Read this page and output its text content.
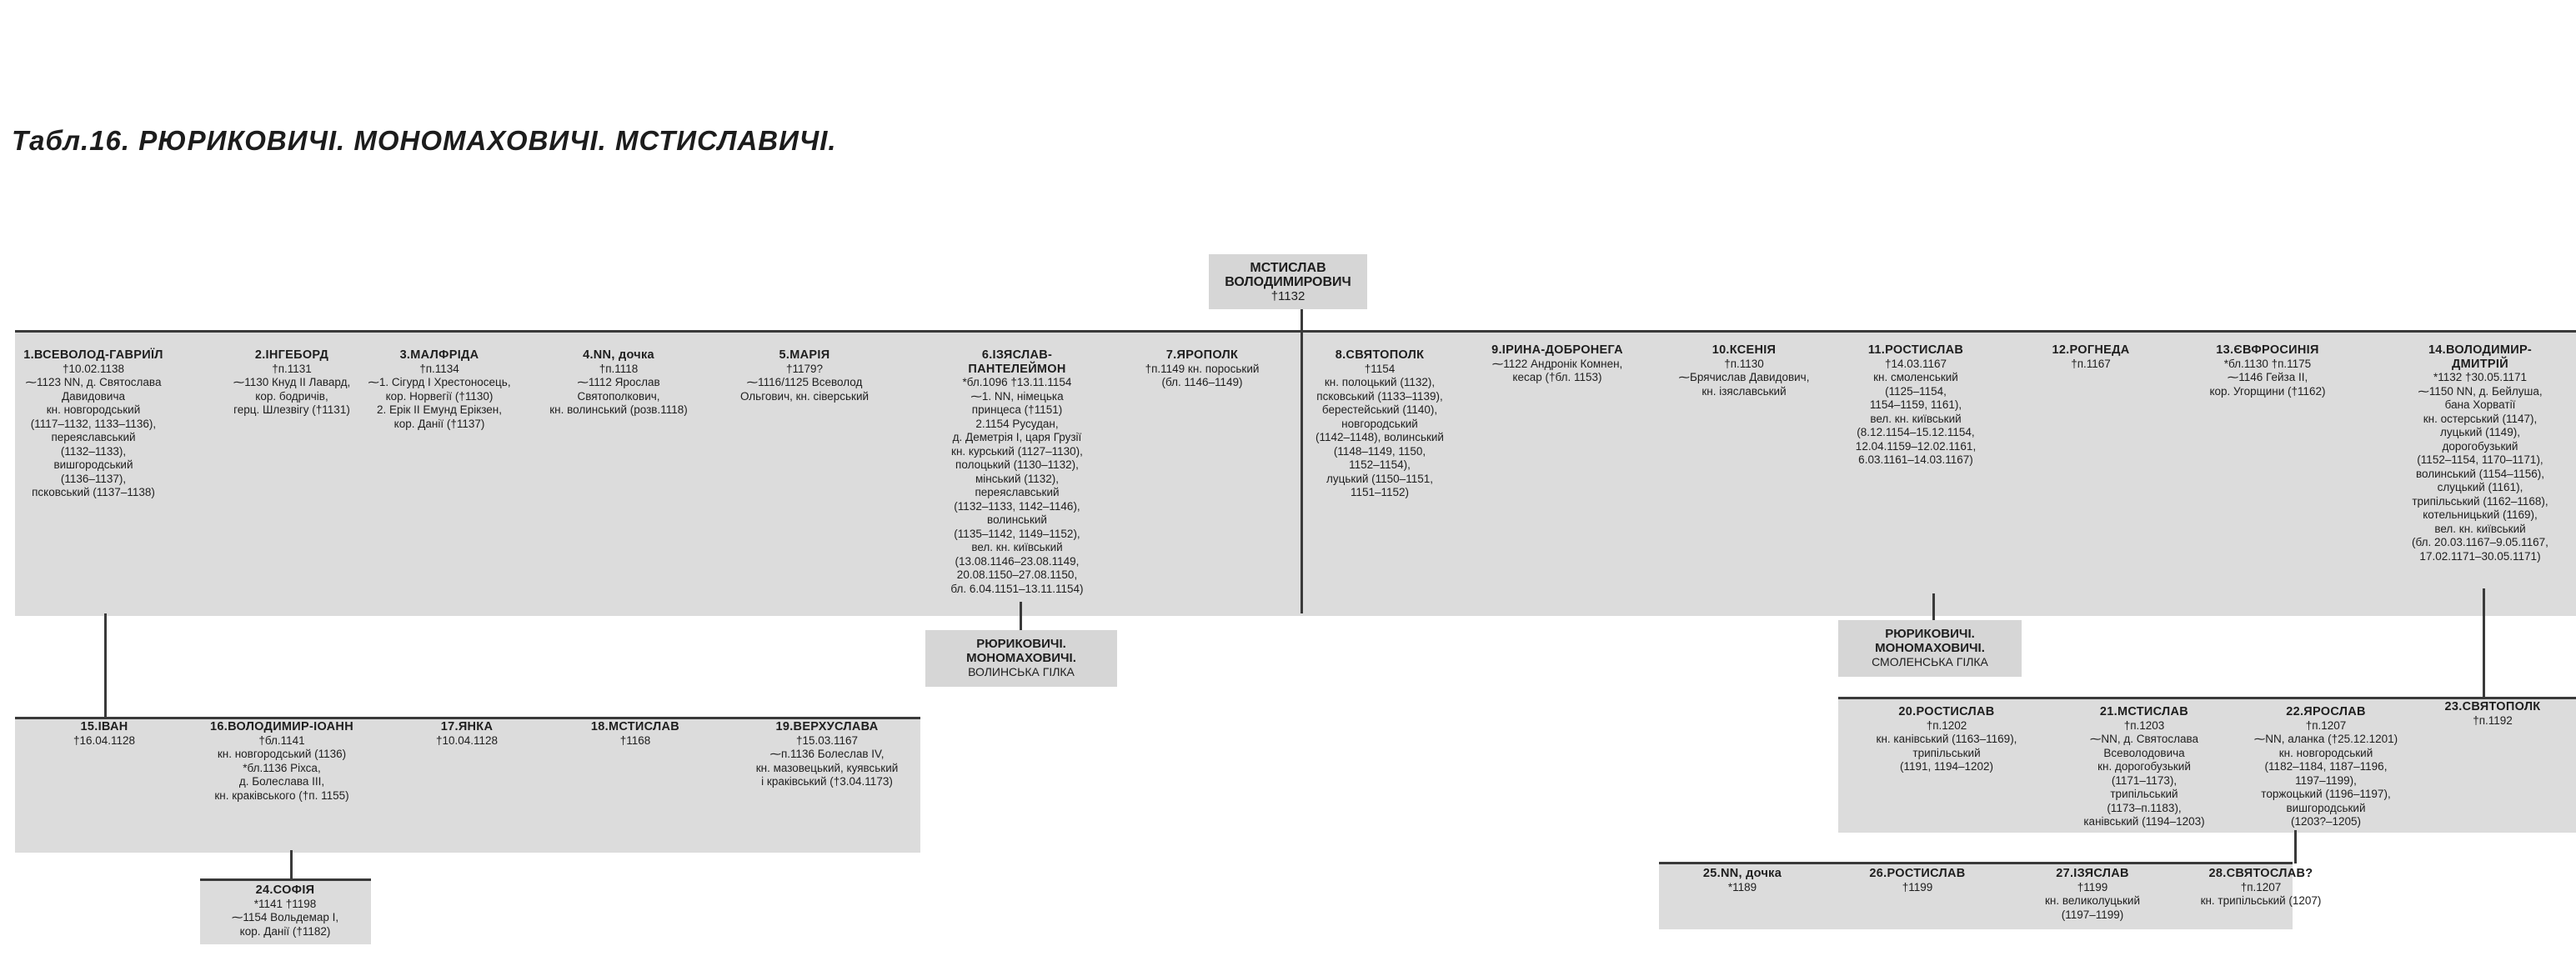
Табл.16. РЮРИКОВИЧІ. МОНОМАХОВИЧІ. МСТИСЛАВИЧІ.
МСТИСЛАВ
ВОЛОДИМИРОВИЧ
†1132
1.ВСЕВОЛОД-ГАВРИЇЛ
†10.02.1138
⁓1123 NN, д. Святослава
Давидовича
кн. новгородський
(1117–1132, 1133–1136),
переяславський
(1132–1133),
вишгородський
(1136–1137),
псковський (1137–1138)
2.ІНГЕБОРД
†п.1131
⁓1130 Кнуд II Лавард,
кор. бодричів,
герц. Шлезвігу (†1131)
3.МАЛФРІДА
†п.1134
⁓1. Сігурд І Хрестоносець,
кор. Норвегії (†1130)
2. Ерік II Емунд Ерікзен,
кор. Данії (†1137)
4.NN, дочка
†п.1118
⁓1112 Ярослав
Святополкович,
кн. волинський (розв.1118)
5.МАРІЯ
†1179?
⁓1116/1125 Всеволод
Ольгович, кн. сіверський
6.ІЗЯСЛАВ-
ПАНТЕЛЕЙМОН
*бл.1096 †13.11.1154
⁓1. NN, німецька
принцеса (†1151)
2.1154 Русудан,
д. Деметрія І, царя Грузії
кн. курський (1127–1130),
полоцький (1130–1132),
мінський (1132),
переяславський
(1132–1133, 1142–1146),
волинський
(1135–1142, 1149–1152),
вел. кн. київський
(13.08.1146–23.08.1149,
20.08.1150–27.08.1150,
бл. 6.04.1151–13.11.1154)
7.ЯРОПОЛК
†п.1149 кн. пороський
(бл. 1146–1149)
8.СВЯТОПОЛК
†1154
кн. полоцький (1132),
псковський (1133–1139),
берестейський (1140),
новгородський
(1142–1148), волинський
(1148–1149, 1150,
1152–1154),
луцький (1150–1151,
1151–1152)
9.ІРИНА-ДОБРОНЕГА
⁓1122 Андронік Комнен,
кесар (†бл. 1153)
10.КСЕНІЯ
†п.1130
⁓Брячислав Давидович,
кн. ізяславський
11.РОСТИСЛАВ
†14.03.1167
кн. смоленський
(1125–1154,
1154–1159, 1161),
вел. кн. київський
(8.12.1154–15.12.1154,
12.04.1159–12.02.1161,
6.03.1161–14.03.1167)
12.РОГНЕДА
†п.1167
13.ЄВФРОСИНІЯ
*бл.1130 †п.1175
⁓1146 Гейза II,
кор. Угорщини (†1162)
14.ВОЛОДИМИР-
ДМИТРІЙ
*1132 †30.05.1171
⁓1150 NN, д. Бейлуша,
бана Хорватії
кн. остерський (1147),
луцький (1149),
дорогобузький
(1152–1154, 1170–1171),
волинський (1154–1156),
слуцький (1161),
трипільський (1162–1168),
котельницький (1169),
вел. кн. київський
(бл. 20.03.1167–9.05.1167,
17.02.1171–30.05.1171)
РЮРИКОВИЧІ.
МОНОМАХОВИЧІ.
ВОЛИНСЬКА ГІЛКА
РЮРИКОВИЧІ.
МОНОМАХОВИЧІ.
СМОЛЕНСЬКА ГІЛКА
15.ІВАН
†16.04.1128
16.ВОЛОДИМИР-ІОАНН
†бл.1141
кн. новгородський (1136)
*бл.1136 Ріхса,
д. Болеслава III,
кн. краківського (†п. 1155)
17.ЯНКА
†10.04.1128
18.МСТИСЛАВ
†1168
19.ВЕРХУСЛАВА
†15.03.1167
⁓п.1136 Болеслав IV,
кн. мазовецький, куявський
і краківський (†3.04.1173)
24.СОФІЯ
*1141 †1198
⁓1154 Вольдемар І,
кор. Данії (†1182)
20.РОСТИСЛАВ
†п.1202
кн. канівський (1163–1169),
трипільський
(1191, 1194–1202)
21.МСТИСЛАВ
†п.1203
⁓NN, д. Святослава
Всеволодовича
кн. дорогобузький
(1171–1173),
трипільський
(1173–п.1183),
канівський (1194–1203)
22.ЯРОСЛАВ
†п.1207
⁓NN, аланка (†25.12.1201)
кн. новгородський
(1182–1184, 1187–1196,
1197–1199),
торжоцький (1196–1197),
вишгородський
(1203?–1205)
23.СВЯТОПОЛК
†п.1192
25.NN, дочка
*1189
26.РОСТИСЛАВ
†1199
27.ІЗЯСЛАВ
†1199
кн. великолуцький
(1197–1199)
28.СВЯТОСЛАВ?
†п.1207
кн. трипільський (1207)
